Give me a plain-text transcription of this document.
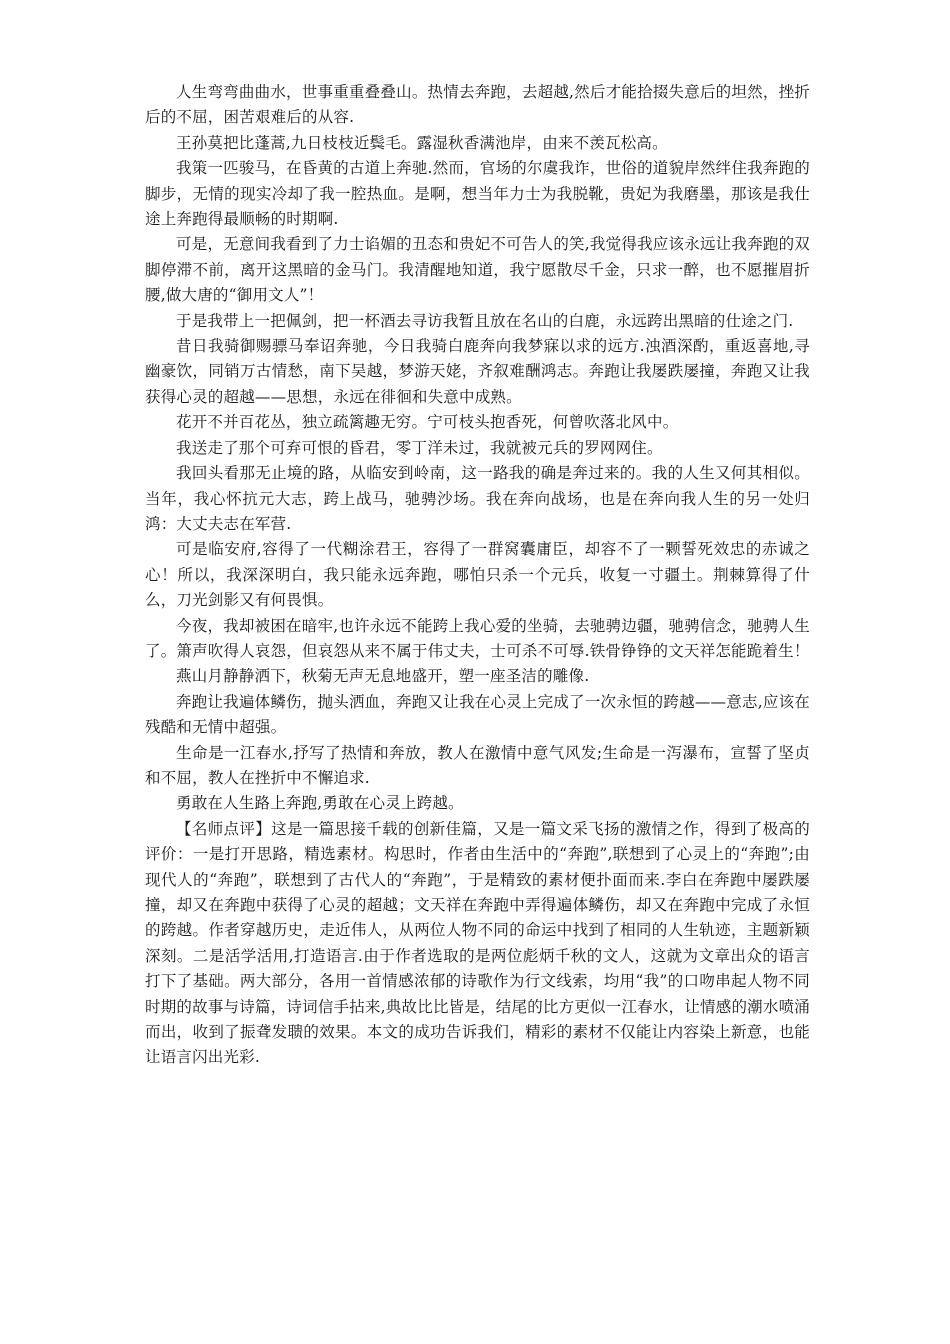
人生弯弯曲曲水，世事重重叠叠山。热情去奔跑，去超越,然后才能拾掇失意后的坦然，挫折后的不屈，困苦艰难后的从容.

王孙莫把比蓬蒿,九日枝枝近鬓毛。露湿秋香满池岸，由来不羡瓦松高。

我策一匹骏马，在昏黄的古道上奔驰.然而，官场的尔虞我诈，世俗的道貌岸然绊住我奔跑的脚步，无情的现实冷却了我一腔热血。是啊，想当年力士为我脱靴，贵妃为我磨墨，那该是我仕途上奔跑得最顺畅的时期啊.

可是，无意间我看到了力士谄媚的丑态和贵妃不可告人的笑,我觉得我应该永远让我奔跑的双脚停滞不前，离开这黑暗的金马门。我清醒地知道，我宁愿散尽千金，只求一醉，也不愿摧眉折腰,做大唐的“御用文人”！

于是我带上一把佩剑，把一杯酒去寻访我暂且放在名山的白鹿，永远跨出黑暗的仕途之门.

昔日我骑御赐骠马奉诏奔驰，今日我骑白鹿奔向我梦寐以求的远方.浊酒深酌，重返喜地,寻幽豪饮，同销万古情愁，南下吴越，梦游天姥，齐叙难酬鸿志。奔跑让我屡跌屡撞，奔跑又让我获得心灵的超越——思想，永远在徘徊和失意中成熟。

花开不并百花丛，独立疏篱趣无穷。宁可枝头抱香死，何曾吹落北风中。

我送走了那个可弃可恨的昏君，零丁洋未过，我就被元兵的罗网网住。

我回头看那无止境的路，从临安到岭南，这一路我的确是奔过来的。我的人生又何其相似。当年，我心怀抗元大志，跨上战马，驰骋沙场。我在奔向战场，也是在奔向我人生的另一处归鸿：大丈夫志在军营.

可是临安府,容得了一代糊涂君王，容得了一群窝囊庸臣，却容不了一颗誓死效忠的赤诚之心！所以，我深深明白，我只能永远奔跑，哪怕只杀一个元兵，收复一寸疆土。荆棘算得了什么，刀光剑影又有何畏惧。

今夜，我却被困在暗牢,也许永远不能跨上我心爱的坐骑，去驰骋边疆，驰骋信念，驰骋人生了。箫声吹得人哀怨，但哀怨从来不属于伟丈夫，士可杀不可辱.铁骨铮铮的文天祥怎能跪着生！

燕山月静静洒下，秋菊无声无息地盛开，塑一座圣洁的雕像.

奔跑让我遍体鳞伤，抛头洒血，奔跑又让我在心灵上完成了一次永恒的跨越——意志,应该在残酷和无情中超强。

生命是一江春水,抒写了热情和奔放，教人在激情中意气风发;生命是一泻瀑布，宣誓了坚贞和不屈，教人在挫折中不懈追求.

勇敢在人生路上奔跑,勇敢在心灵上跨越。

【名师点评】这是一篇思接千载的创新佳篇，又是一篇文采飞扬的激情之作，得到了极高的评价：一是打开思路，精选素材。构思时，作者由生活中的“奔跑”,联想到了心灵上的“奔跑”;由现代人的“奔跑”，联想到了古代人的“奔跑”，于是精致的素材便扑面而来.李白在奔跑中屡跌屡撞，却又在奔跑中获得了心灵的超越；文天祥在奔跑中弄得遍体鳞伤，却又在奔跑中完成了永恒的跨越。作者穿越历史，走近伟人，从两位人物不同的命运中找到了相同的人生轨迹，主题新颖深刻。二是活学活用,打造语言.由于作者选取的是两位彪炳千秋的文人，这就为文章出众的语言打下了基础。两大部分，各用一首情感浓郁的诗歌作为行文线索，均用“我”的口吻串起人物不同时期的故事与诗篇，诗词信手拈来,典故比比皆是，结尾的比方更似一江春水，让情感的潮水喷涌而出，收到了振聋发聩的效果。本文的成功告诉我们，精彩的素材不仅能让内容染上新意，也能让语言闪出光彩.
